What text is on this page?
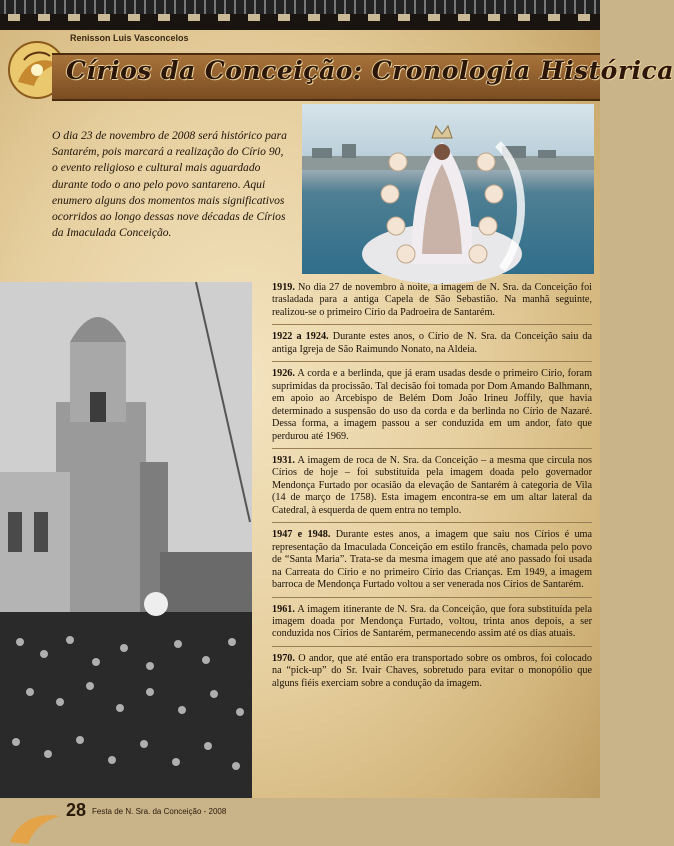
Renisson Luis Vasconcelos
Círios da Conceição: Cronologia Histórica

O dia 23 de novembro de 2008 será histórico para Santarém, pois marcará a realização do Círio 90, o evento religioso e cultural mais aguardado durante todo o ano pelo povo santareno. Aqui enumero alguns dos momentos mais significativos ocorridos ao longo dessas nove décadas de Círios da Imaculada Conceição.

1919. No dia 27 de novembro à noite, a imagem de N. Sra. da Conceição foi trasladada para a antiga Capela de São Sebastião. Na manhã seguinte, realizou-se o primeiro Círio da Padroeira de Santarém.

1922 a 1924. Durante estes anos, o Círio de N. Sra. da Conceição saiu da antiga Igreja de São Raimundo Nonato, na Aldeia.

1926. A corda e a berlinda, que já eram usadas desde o primeiro Círio, foram suprimidas da procissão. Tal decisão foi tomada por Dom Amando Balhmann, em apoio ao Arcebispo de Belém Dom João Irineu Joffily, que havia determinado a suspensão do uso da corda e da berlinda no Círio de Nazaré. Dessa forma, a imagem passou a ser conduzida em um andor, fato que perdurou até 1969.

1931. A imagem de roca de N. Sra. da Conceição – a mesma que circula nos Círios de hoje – foi substituída pela imagem doada pelo governador Mendonça Furtado por ocasião da elevação de Santarém à categoria de Vila (14 de março de 1758). Esta imagem encontra-se em um altar lateral da Catedral, à esquerda de quem entra no templo.

1947 e 1948. Durante estes anos, a imagem que saiu nos Círios é uma representação da Imaculada Conceição em estilo francês, chamada pelo povo de “Santa Maria”. Trata-se da mesma imagem que até ano passado foi usada na Carreata do Círio e no primeiro Círio das Crianças. Em 1949, a imagem barroca de Mendonça Furtado voltou a ser venerada nos Círios de Santarém.

1961. A imagem itinerante de N. Sra. da Conceição, que fora substituída pela imagem doada por Mendonça Furtado, voltou, trinta anos depois, a ser conduzida nos Círios de Santarém, permanecendo assim até os dias atuais.

1970. O andor, que até então era transportado sobre os ombros, foi colocado na “pick-up” do Sr. Ivair Chaves, sobretudo para evitar o monopólio que alguns fiéis exerciam sobre a condução da imagem.

28 Festa de N. Sra. da Conceição - 2008
